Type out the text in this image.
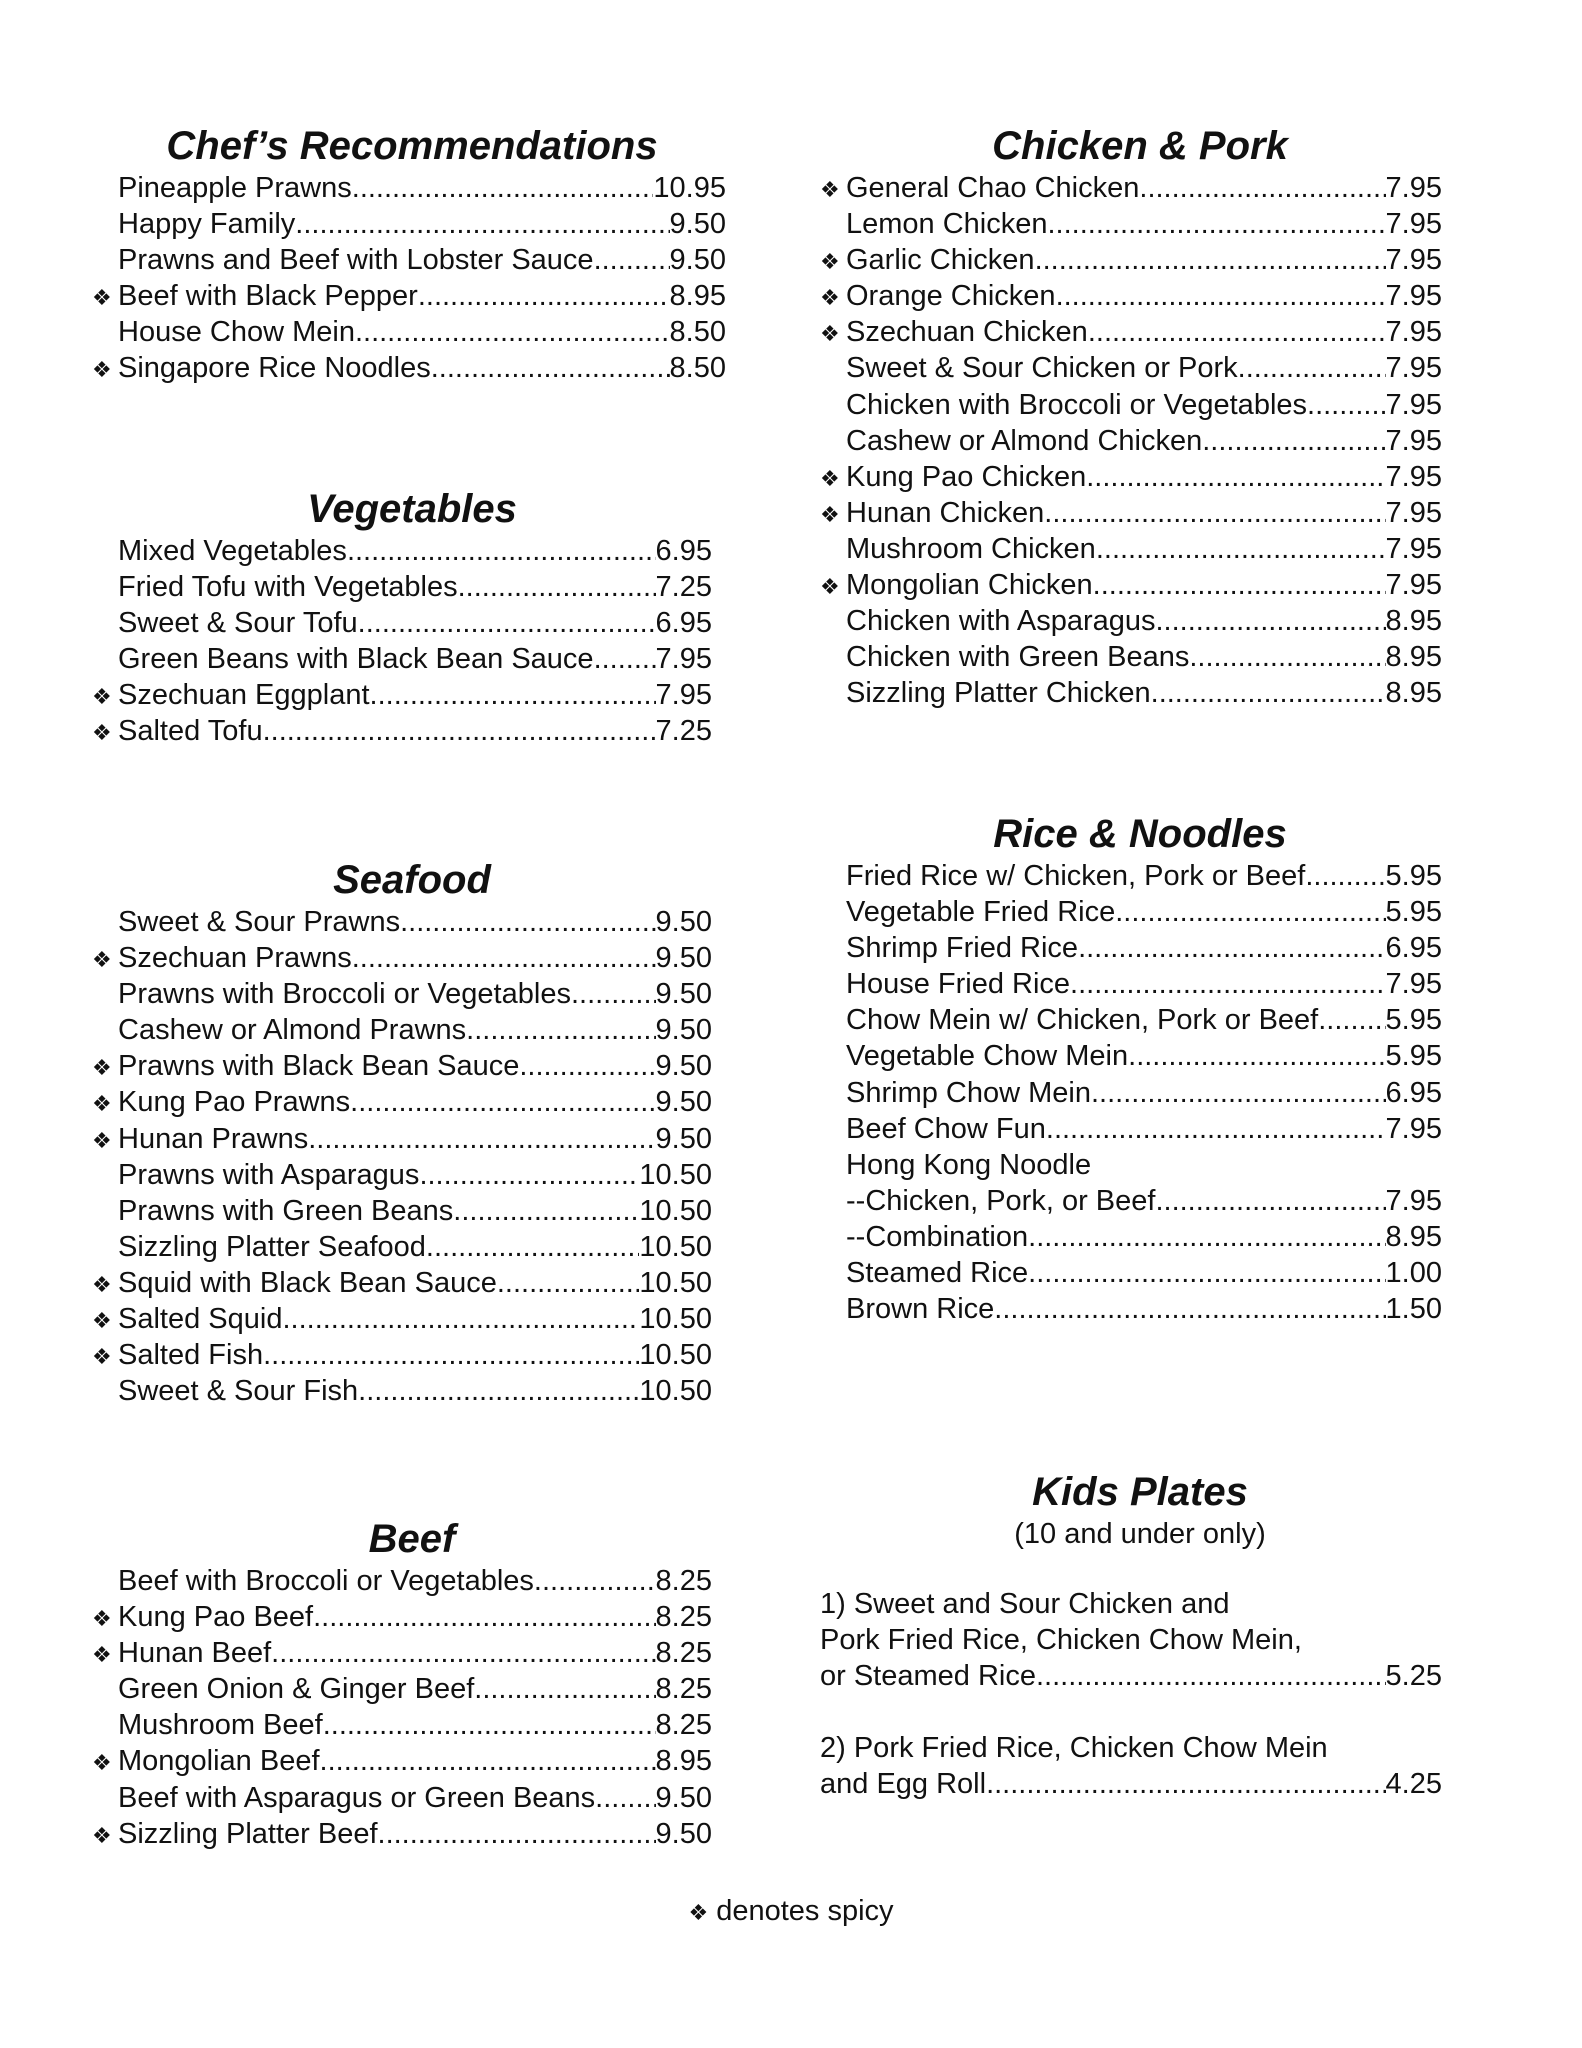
Chef’s Recommendations
Pineapple Prawns .....	10.95
Happy Family .....	9.50
Prawns and Beef with Lobster Sauce .....	9.50
❖ Beef with Black Pepper .....	8.95
House Chow Mein .....	8.50
❖ Singapore Rice Noodles .....	8.50
Vegetables
Mixed Vegetables .....	6.95
Fried Tofu with Vegetables .....	7.25
Sweet & Sour Tofu .....	6.95
Green Beans with Black Bean Sauce ..... 7.95
❖ Szechuan Eggplant .....	7.95
❖ Salted Tofu .....	7.25
Seafood
Sweet & Sour Prawns .....	9.50
❖ Szechuan Prawns .....	9.50
Prawns with Broccoli or Vegetables .....	9.50
Cashew or Almond Prawns .....	9.50
❖ Prawns with Black Bean Sauce .....	9.50
❖ Kung Pao Prawns .....	9.50
❖ Hunan Prawns .....	9.50
Prawns with Asparagus .....	10.50
Prawns with Green Beans .....	10.50
Sizzling Platter Seafood .....	10.50
❖ Squid with Black Bean Sauce .....	10.50
❖ Salted Squid .....	10.50
❖ Salted Fish .....	10.50
Sweet & Sour Fish .....	10.50
Beef
Beef with Broccoli or Vegetables .....	8.25
❖ Kung Pao Beef .....	8.25
❖ Hunan Beef .....	8.25
Green Onion & Ginger Beef .....	8.25
Mushroom Beef .....	8.25
❖ Mongolian Beef .....	8.95
Beef with Asparagus or Green Beans ..... 9.50
❖ Sizzling Platter Beef .....	9.50
Chicken & Pork
❖ General Chao Chicken .....	7.95
Lemon Chicken .....	7.95
❖ Garlic Chicken .....	7.95
❖ Orange Chicken .....	7.95
❖ Szechuan Chicken .....	7.95
Sweet & Sour Chicken or Pork .....	7.95
Chicken with Broccoli or Vegetables .....	7.95
Cashew or Almond Chicken .....	7.95
❖ Kung Pao Chicken .....	7.95
❖ Hunan Chicken .....	7.95
Mushroom Chicken .....	7.95
❖ Mongolian Chicken .....	7.95
Chicken with Asparagus .....	8.95
Chicken with Green Beans .....	8.95
Sizzling Platter Chicken .....	8.95
Rice & Noodles
Fried Rice w/ Chicken, Pork or Beef .....	5.95
Vegetable Fried Rice .....	5.95
Shrimp Fried Rice .....	6.95
House Fried Rice .....	7.95
Chow Mein w/ Chicken, Pork or Beef ..... 5.95
Vegetable Chow Mein .....	5.95
Shrimp Chow Mein .....	6.95
Beef Chow Fun .....	7.95
Hong Kong Noodle
--Chicken, Pork, or Beef .....	7.95
--Combination .....	8.95
Steamed Rice .....	1.00
Brown Rice .....	1.50
Kids Plates
(10 and under only)
1) Sweet and Sour Chicken and
Pork Fried Rice, Chicken Chow Mein,
or Steamed Rice .....	5.25
2) Pork Fried Rice, Chicken Chow Mein
and Egg Roll .....	4.25
❖ denotes spicy
